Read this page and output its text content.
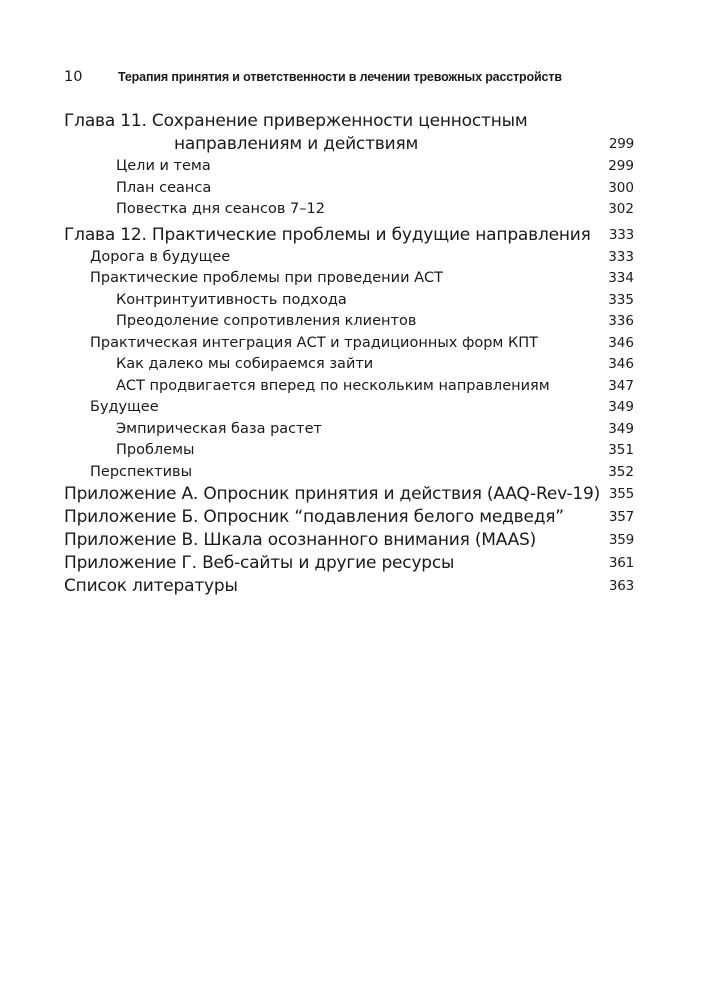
10	Терапия принятия и ответственности в лечении тревожных расстройств
Глава 11. Сохранение приверженности ценностным
направлениям и действиям	299
Цели и тема	299
План сеанса	300
Повестка дня сеансов 7–12	302
Глава 12. Практические проблемы и будущие направления 333
Дорога в будущее	333
Практические проблемы при проведении АСТ	334
Контринтуитивность подхода	335
Преодоление сопротивления клиентов	336
Практическая интеграция АСТ и традиционных форм КПТ	346
Как далеко мы собираемся зайти	346
АСТ продвигается вперед по нескольким направлениям	347
Будущее	349
Эмпирическая база растет	349
Проблемы	351
Перспективы	352
Приложение А. Опросник принятия и действия (AAQ-Rev-19) 355
Приложение Б. Опросник “подавления белого медведя”	357
Приложение В. Шкала осознанного внимания (MAAS)	359
Приложение Г. Веб-сайты и другие ресурсы	361
Список литературы	363
